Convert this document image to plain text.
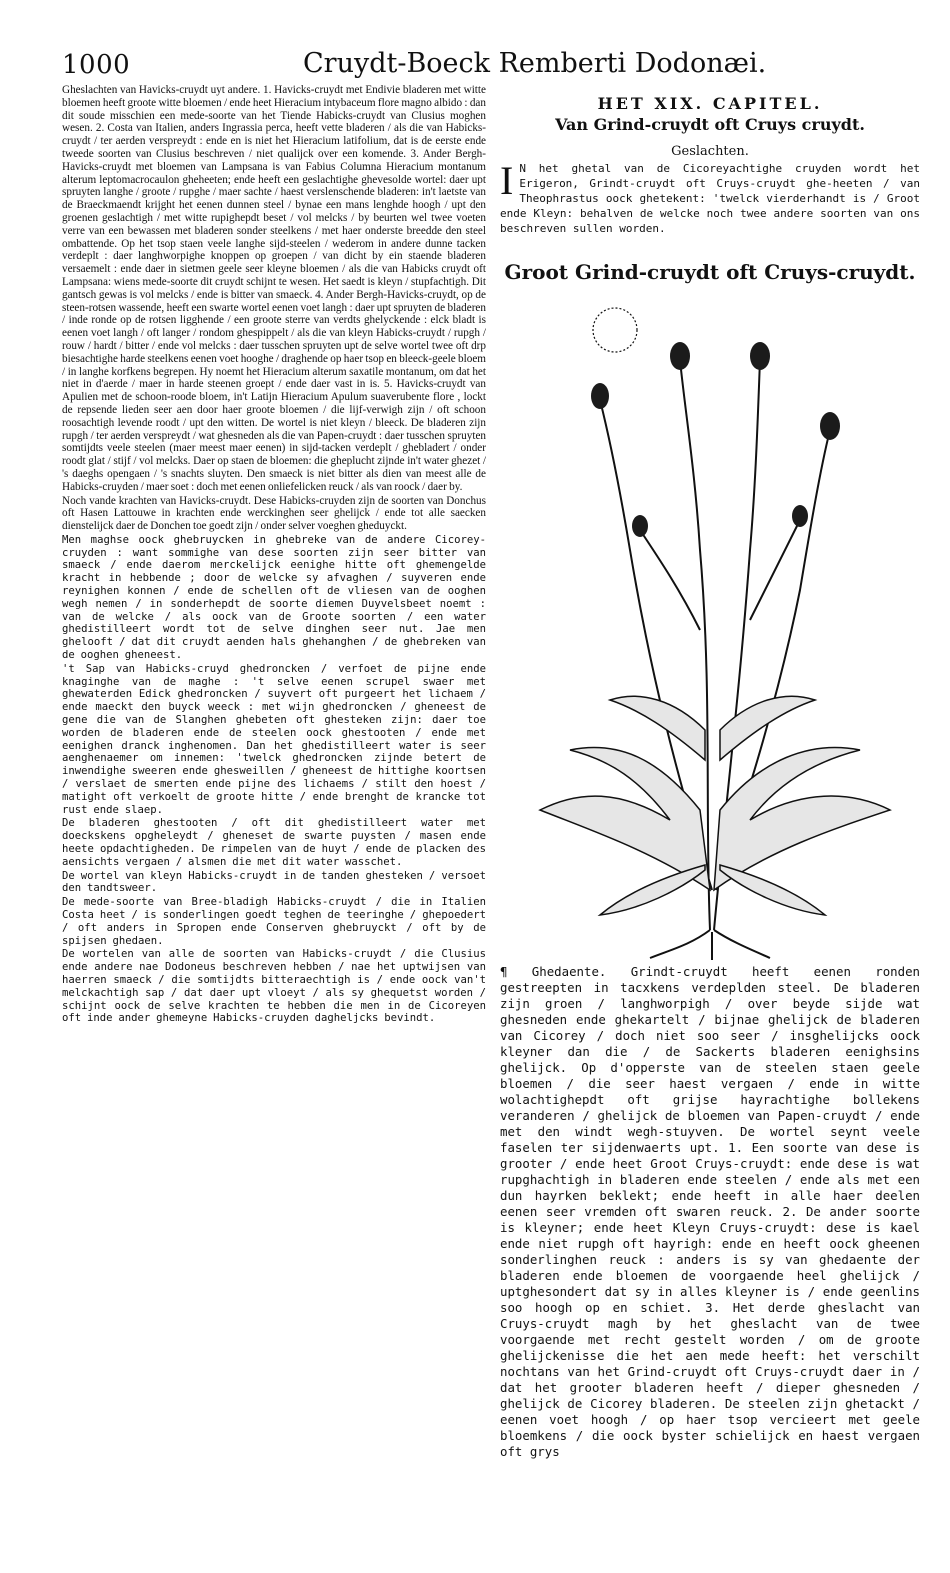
1000	Cruydt-Boeck Remberti Dodonæi.

Gheslachten van Havicks-cruydt uyt andere. 1. Havicks-cruydt met Endivie bladeren met witte bloemen heeft groote witte bloemen / ende heet Hieracium intybaceum flore magno albido : dan dit soude misschien een mede-soorte van het Tiende Habicks-cruydt van Clusius moghen wesen. 2. Costa van Italien, anders Ingrassia perca, heeft vette bladeren / als die van Habicks-cruydt / ter aerden verspreydt : ende en is niet het Hieracium latifolium, dat is de eerste ende tweede soorten van Clusius beschreven / niet qualijck over een komende. 3. Ander Bergh-Havicks-cruydt met bloemen van Lampsana is van Fabius Columna Hieracium montanum alterum leptomacrocaulon gheheeten; ende heeft een geslachtighe ghevesolde wortel: daer upt spruyten langhe / groote / rupghe / maer sachte / haest verslenschende bladeren: in't laetste van de Braeckmaendt krijght het eenen dunnen steel / bynae een mans lenghde hoogh / upt den groenen geslachtigh / met witte rupighepdt beset / vol melcks / by beurten wel twee voeten verre van een bewassen met bladeren sonder steelkens / met haer onderste breedde den steel ombattende. Op het tsop staen veele langhe sijd-steelen / wederom in andere dunne tacken verdeplt : daer langhworpighe knoppen op groepen / van dicht by ein staende bladeren versaemelt : ende daer in sietmen geele seer kleyne bloemen / als die van Habicks cruydt oft Lampsana: wiens mede-soorte dit cruydt schijnt te wesen. Het saedt is kleyn / stupfachtigh. Dit gantsch gewas is vol melcks / ende is bitter van smaeck. 4. Ander Bergh-Havicks-cruydt, op de steen-rotsen wassende, heeft een swarte wortel eenen voet langh : daer upt spruyten de bladeren / inde ronde op de rotsen ligghende / een groote sterre van verdts ghelyckende : elck bladt is eenen voet langh / oft langer / rondom ghespippelt / als die van kleyn Habicks-cruydt / rupgh / rouw / hardt / bitter / ende vol melcks : daer tusschen spruyten upt de selve wortel twee oft drp biesachtighe harde steelkens eenen voet hooghe / draghende op haer tsop en bleeck-geele bloem / in langhe korfkens begrepen. Hy noemt het Hieracium alterum saxatile montanum, om dat het niet in d'aerde / maer in harde steenen groept / ende daer vast in is. 5. Havicks-cruydt van Apulien met de schoon-roode bloem, in't Latijn Hieracium Apulum suaverubente flore , lockt de repsende lieden seer aen door haer groote bloemen / die lijf-verwigh zijn / oft schoon roosachtigh levende roodt / upt den witten. De wortel is niet kleyn / bleeck. De bladeren zijn rupgh / ter aerden verspreydt / wat ghesneden als die van Papen-cruydt : daer tusschen spruyten somtijdts veele steelen (maer meest maer eenen) in sijd-tacken verdeplt / ghebladert / onder roodt glat / stijf / vol melcks. Daer op staen de bloemen: die gheplucht zijnde in't water ghezet / 's daeghs opengaen / 's snachts sluyten. Den smaeck is niet bitter als dien van meest alle de Habicks-cruyden / maer soet : doch met eenen onliefelicken reuck / als van roock / daer by.

Noch vande krachten van Havicks-cruydt. Dese Habicks-cruyden zijn de soorten van Donchus oft Hasen Lattouwe in krachten ende werckinghen seer ghelijck / ende tot alle saecken dienstelijck daer de Donchen toe goedt zijn / onder selver voeghen gheduyckt.

Men maghse oock ghebruycken in ghebreke van de andere Cicorey-cruyden : want sommighe van dese soorten zijn seer bitter van smaeck / ende daerom merckelijck eenighe hitte oft ghemengelde kracht in hebbende ; door de welcke sy afvaghen / suyveren ende reynighen konnen / ende de schellen oft de vliesen van de ooghen wegh nemen / in sonderhepdt de soorte diemen Duyvelsbeet noemt : van de welcke / als oock van de Groote soorten / een water ghedistilleert wordt tot de selve dinghen seer nut. Jae men ghelooft / dat dit cruydt aenden hals ghehanghen / de ghebreken van de ooghen gheneest.

't Sap van Habicks-cruyd ghedroncken / verfoet de pijne ende knaginghe van de maghe : 't selve eenen scrupel swaer met ghewaterden Edick ghedroncken / suyvert oft purgeert het lichaem / ende maeckt den buyck weeck : met wijn ghedroncken / gheneest de gene die van de Slanghen ghebeten oft ghesteken zijn: daer toe worden de bladeren ende de steelen oock ghestooten / ende met eenighen dranck inghenomen. Dan het ghedistilleert water is seer aenghenaemer om innemen: 'twelck ghedroncken zijnde betert de inwendighe sweeren ende ghesweillen / gheneest de hittighe koortsen / verslaet de smerten ende pijne des lichaems / stilt den hoest / matight oft verkoelt de groote hitte / ende brenght de krancke tot rust ende slaep.

De bladeren ghestooten / oft dit ghedistilleert water met doeckskens opgheleydt / gheneset de swarte puysten / masen ende heete opdachtigheden. De rimpelen van de huyt / ende de placken des aensichts vergaen / alsmen die met dit water wasschet.

De wortel van kleyn Habicks-cruydt in de tanden ghesteken / versoet den tandtsweer.

De mede-soorte van Bree-bladigh Habicks-cruydt / die in Italien Costa heet / is sonderlingen goedt teghen de teeringhe / ghepoedert / oft anders in Spropen ende Conserven ghebruyckt / oft by de spijsen ghedaen.

De wortelen van alle de soorten van Habicks-cruydt / die Clusius ende andere nae Dodoneus beschreven hebben / nae het uptwijsen van haerren smaeck / die somtijdts bitteraechtigh is / ende oock van't melckachtigh sap / dat daer upt vloeyt / als sy ghequetst worden / schijnt oock de selve krachten te hebben die men in de Cicoreyen oft inde ander ghemeyne Habicks-cruyden dagheljcks bevindt.

HET XIX. CAPITEL.
Van Grind-cruydt oft Cruys cruydt.
Geslachten.

I N het ghetal van de Cicoreyachtighe cruyden wordt het Erigeron, Grindt-cruydt oft Cruys-cruydt ghe-heeten / van Theophrastus oock ghetekent: 'twelck vierderhandt is / Groot ende Kleyn: behalven de welcke noch twee andere soorten van ons beschreven sullen worden.

Groot Grind-cruydt oft Cruys-cruydt.

¶ Ghedaente. Grindt-cruydt heeft eenen ronden gestreepten in tacxkens verdeplden steel. De bladeren zijn groen / langhworpigh / over beyde sijde wat ghesneden ende ghekartelt / bijnae ghelijck de bladeren van Cicorey / doch niet soo seer / insghelijcks oock kleyner dan die / de Sackerts bladeren eenighsins ghelijck. Op d'opperste van de steelen staen geele bloemen / die seer haest vergaen / ende in witte wolachtighepdt oft grijse hayrachtighe bollekens veranderen / ghelijck de bloemen van Papen-cruydt / ende met den windt wegh-stuyven. De wortel seynt veele faselen ter sijdenwaerts upt. 1. Een soorte van dese is grooter / ende heet Groot Cruys-cruydt: ende dese is wat rupghachtigh in bladeren ende steelen / ende als met een dun hayrken beklekt; ende heeft in alle haer deelen eenen seer vremden oft swaren reuck. 2. De ander soorte is kleyner; ende heet Kleyn Cruys-cruydt: dese is kael ende niet rupgh oft hayrigh: ende en heeft oock gheenen sonderlinghen reuck : anders is sy van ghedaente der bladeren ende bloemen de voorgaende heel ghelijck / uptghesondert dat sy in alles kleyner is / ende geenlins soo hoogh op en schiet. 3. Het derde gheslacht van Cruys-cruydt magh by het gheslacht van de twee voorgaende met recht gestelt worden / om de groote ghelijckenisse die het aen mede heeft: het verschilt nochtans van het Grind-cruydt oft Cruys-cruydt daer in / dat het grooter bladeren heeft / dieper ghesneden / ghelijck de Cicorey bladeren. De steelen zijn ghetackt / eenen voet hoogh / op haer tsop vercieert met geele bloemkens / die oock byster schielijck en haest vergaen oft grys
